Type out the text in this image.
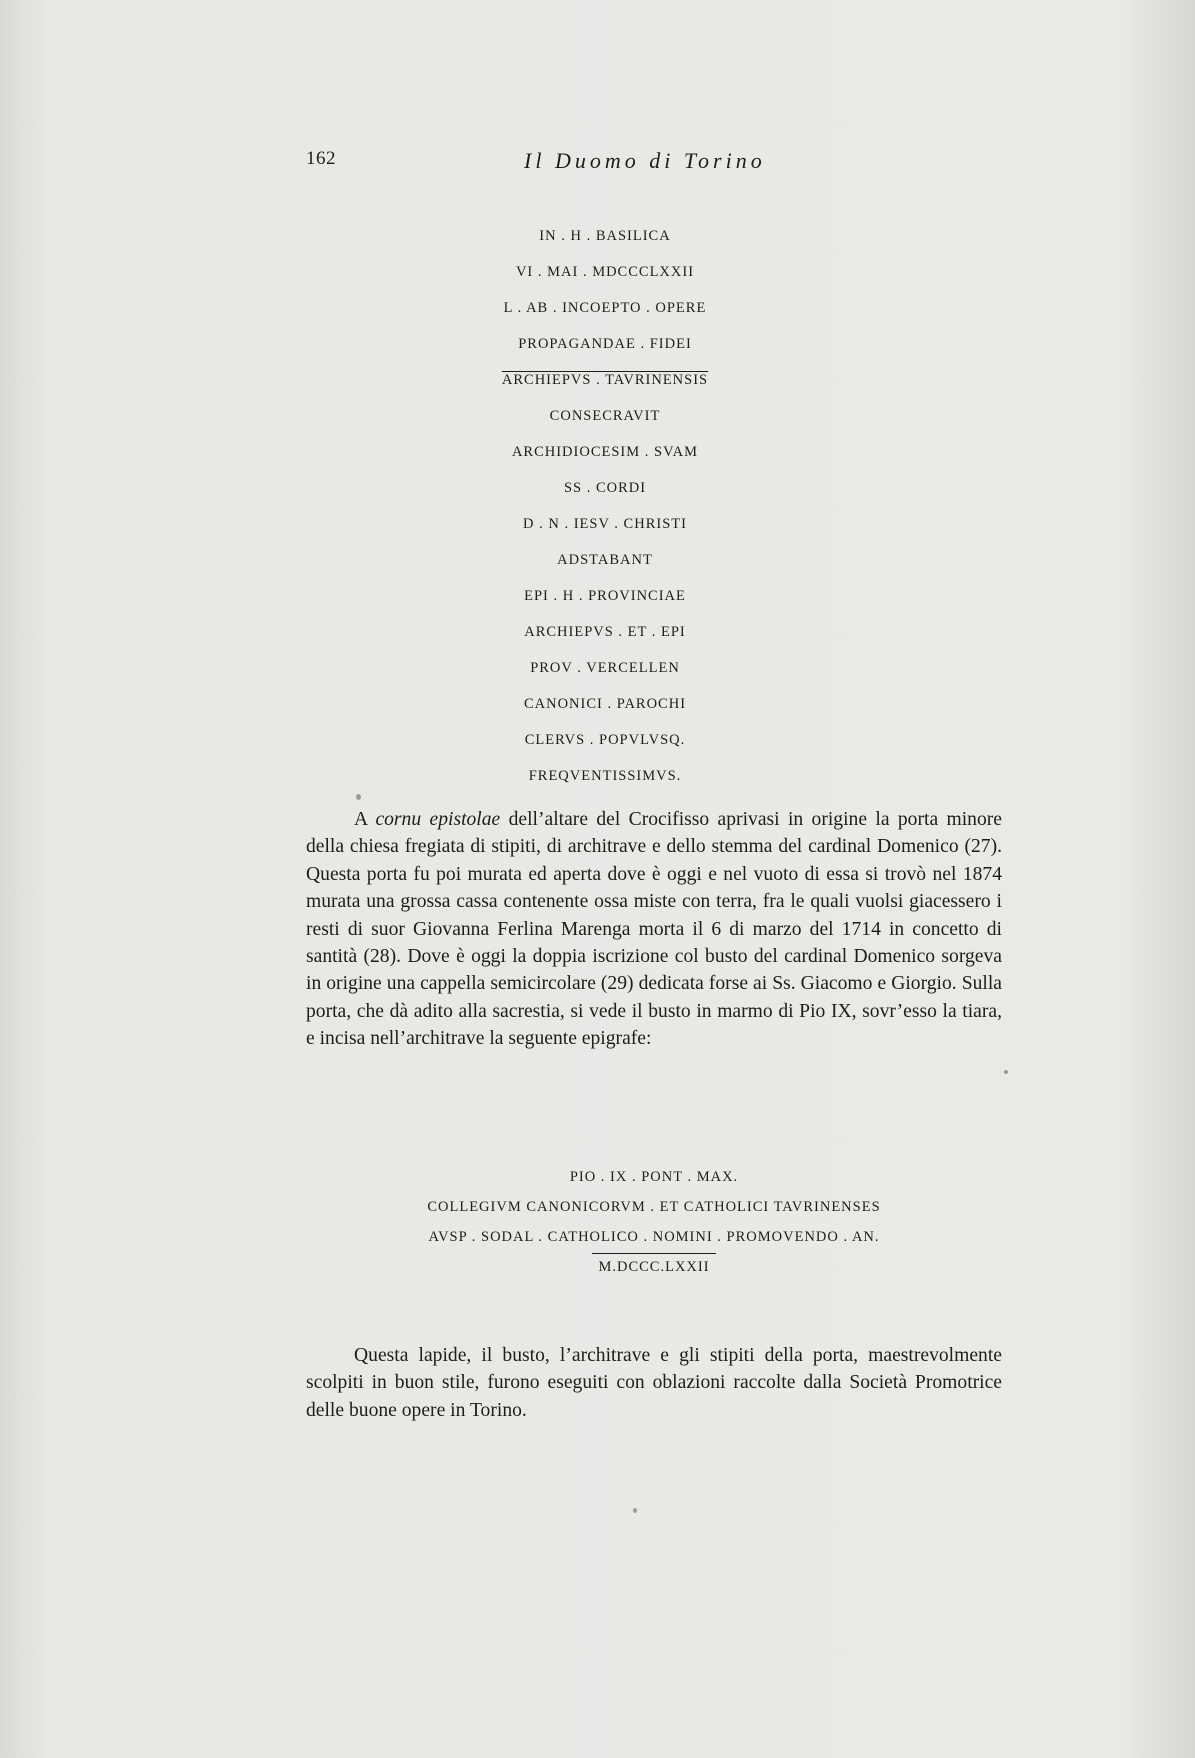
162	Il Duomo di Torino
IN . H . BASILICA
VI . MAI . MDCCCLXXII
L . AB . INCOEPTO . OPERE
PROPAGANDAE . FIDEI
ARCHIEPVS . TAVRINENSIS
CONSECRAVIT
ARCHIDIOCESIM . SVAM
SS . CORDI
D . N . IESV . CHRISTI
ADSTABANT
EPI . H . PROVINCIAE
ARCHIEPVS . ET . EPI
PROV . VERCELLEN
CANONICI . PAROCHI
CLERVS . POPVLVSQ.
FREQVENTISSIMVS.

A cornu epistolae dell’altare del Crocifisso aprivasi in origine la porta minore della chiesa fregiata di stipiti, di architrave e dello stemma del cardinal Domenico (27). Questa porta fu poi murata ed aperta dove è oggi e nel vuoto di essa si trovò nel 1874 murata una grossa cassa contenente ossa miste con terra, fra le quali vuolsi giacessero i resti di suor Giovanna Ferlina Marenga morta il 6 di marzo del 1714 in concetto di santità (28). Dove è oggi la doppia iscrizione col busto del cardinal Domenico sorgeva in origine una cappella semicircolare (29) dedicata forse ai Ss. Giacomo e Giorgio. Sulla porta, che dà adito alla sacrestia, si vede il busto in marmo di Pio IX, sovr’esso la tiara, e incisa nell’architrave la seguente epigrafe:

PIO . IX . PONT . MAX.
COLLEGIVM CANONICORVM . ET CATHOLICI TAVRINENSES
AVSP . SODAL . CATHOLICO . NOMINI . PROMOVENDO . AN.
M.DCCC.LXXII

Questa lapide, il busto, l’architrave e gli stipiti della porta, maestrevolmente scolpiti in buon stile, furono eseguiti con oblazioni raccolte dalla Società Promotrice delle buone opere in Torino.
